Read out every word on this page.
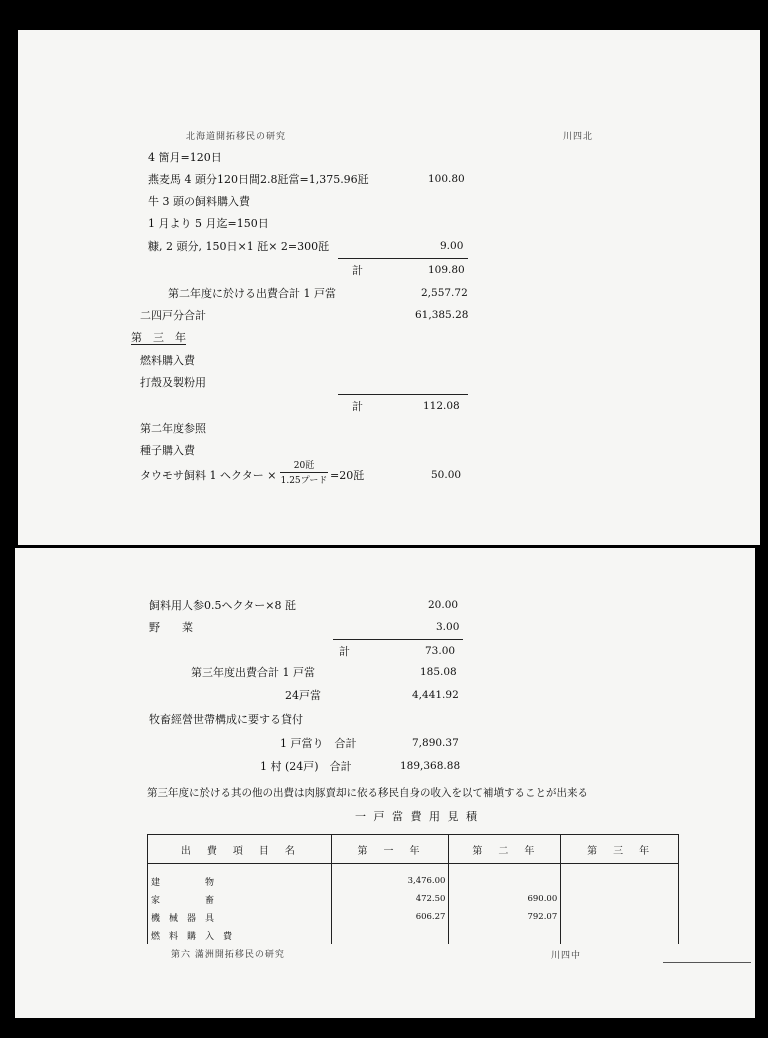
北海道開拓移民の研究	川四北
4 箇月=120日
燕麦馬 4 頭分120日間2.8瓩當=1,375.96瓩	100.80
牛 3 頭の飼料購入費
1 月より 5 月迄=150日
糠, 2 頭分, 150日×1 瓩× 2=300瓩	9.00
計	109.80
第二年度に於ける出費合計 1 戸當	2,557.72
二四戸分合計	61,385.28
第　三　年
燃料購入費
打殼及製粉用
計	112.08
第二年度参照
種子購入費
タウモサ飼料 1 ヘクター ×
20瓩
1.25プード =20瓩	50.00
飼料用人参0.5ヘクター×8 瓩	20.00
野　　菜	3.00
計	73.00
第三年度出費合計 1 戸當	185.08
24戸當	4,441.92
牧畜經營世帶構成に要する貸付
1 戸當り　合計	7,890.37
1 村 (24戸)　合計	189,368.88
第三年度に於ける其の他の出費は肉豚賣却に依る移民自身の收入を以て補塡することが出来る
一 戸 當 費 用 見 積
出　費　項　目　名	第　一　年	第　二　年	第　三　年
建　　　　　物	3,476.00		
家　　　　　畜	472.50	690.00	
機　械　器　具	606.27	792.07	
燃　料　購　入　費			
第六 滿洲開拓移民の研究	川四中
